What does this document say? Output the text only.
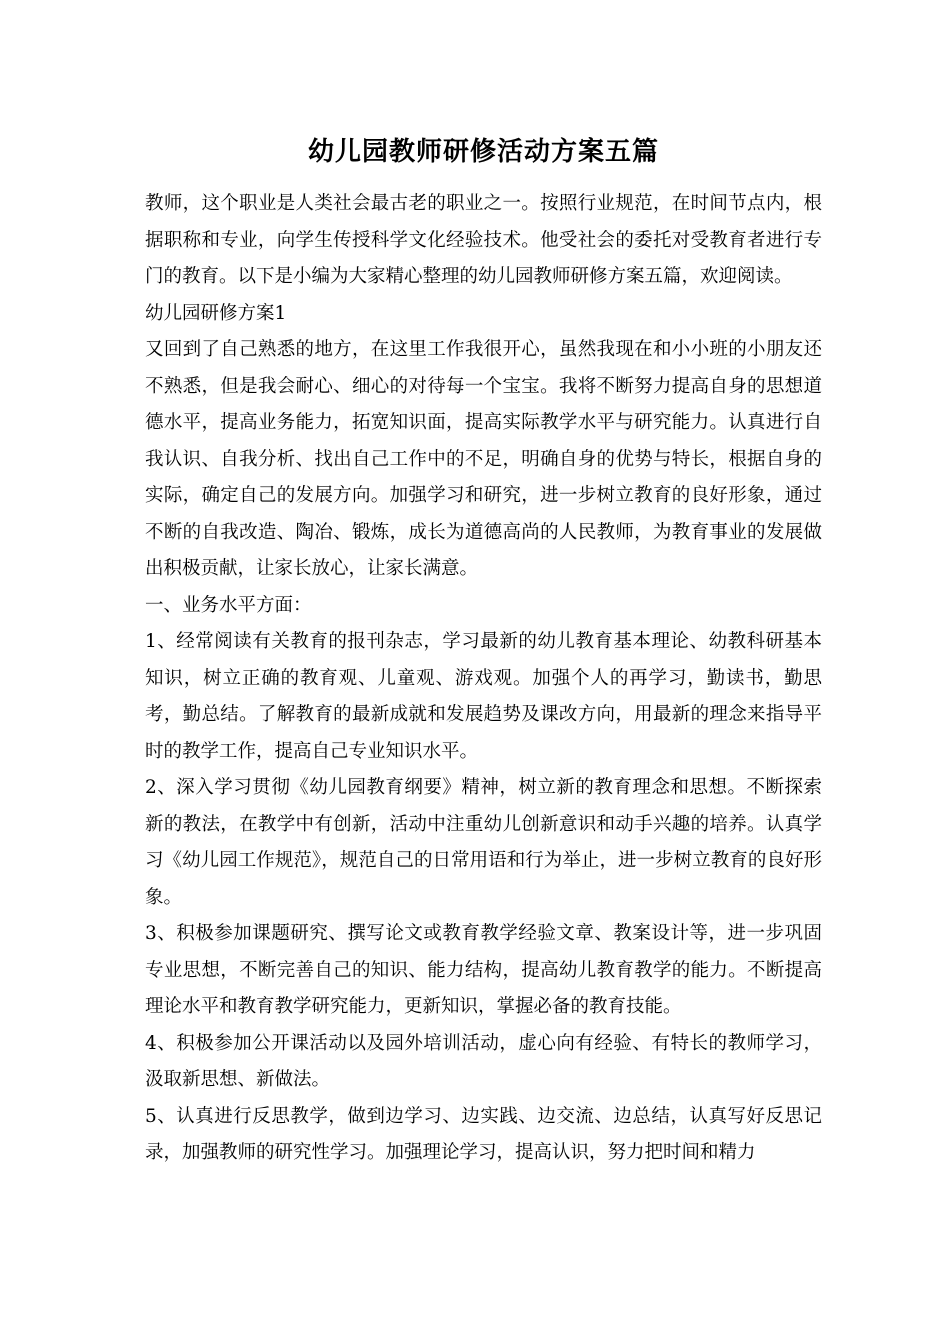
幼儿园教师研修活动方案五篇

教师，这个职业是人类社会最古老的职业之一。按照行业规范，在时间节点内，根据职称和专业，向学生传授科学文化经验技术。他受社会的委托对受教育者进行专门的教育。以下是小编为大家精心整理的幼儿园教师研修方案五篇，欢迎阅读。

幼儿园研修方案1

又回到了自己熟悉的地方，在这里工作我很开心，虽然我现在和小小班的小朋友还不熟悉，但是我会耐心、细心的对待每一个宝宝。我将不断努力提高自身的思想道德水平，提高业务能力，拓宽知识面，提高实际教学水平与研究能力。认真进行自我认识、自我分析、找出自己工作中的不足，明确自身的优势与特长，根据自身的实际，确定自己的发展方向。加强学习和研究，进一步树立教育的良好形象，通过不断的自我改造、陶冶、锻炼，成长为道德高尚的人民教师，为教育事业的发展做出积极贡献，让家长放心，让家长满意。

一、业务水平方面：

1、经常阅读有关教育的报刊杂志，学习最新的幼儿教育基本理论、幼教科研基本知识，树立正确的教育观、儿童观、游戏观。加强个人的再学习，勤读书，勤思考，勤总结。了解教育的最新成就和发展趋势及课改方向，用最新的理念来指导平时的教学工作，提高自己专业知识水平。

2、深入学习贯彻《幼儿园教育纲要》精神，树立新的教育理念和思想。不断探索新的教法，在教学中有创新，活动中注重幼儿创新意识和动手兴趣的培养。认真学习《幼儿园工作规范》，规范自己的日常用语和行为举止，进一步树立教育的良好形象。

3、积极参加课题研究、撰写论文或教育教学经验文章、教案设计等，进一步巩固专业思想，不断完善自己的知识、能力结构，提高幼儿教育教学的能力。不断提高理论水平和教育教学研究能力，更新知识，掌握必备的教育技能。

4、积极参加公开课活动以及园外培训活动，虚心向有经验、有特长的教师学习，汲取新思想、新做法。

5、认真进行反思教学，做到边学习、边实践、边交流、边总结，认真写好反思记录，加强教师的研究性学习。加强理论学习，提高认识，努力把时间和精力
